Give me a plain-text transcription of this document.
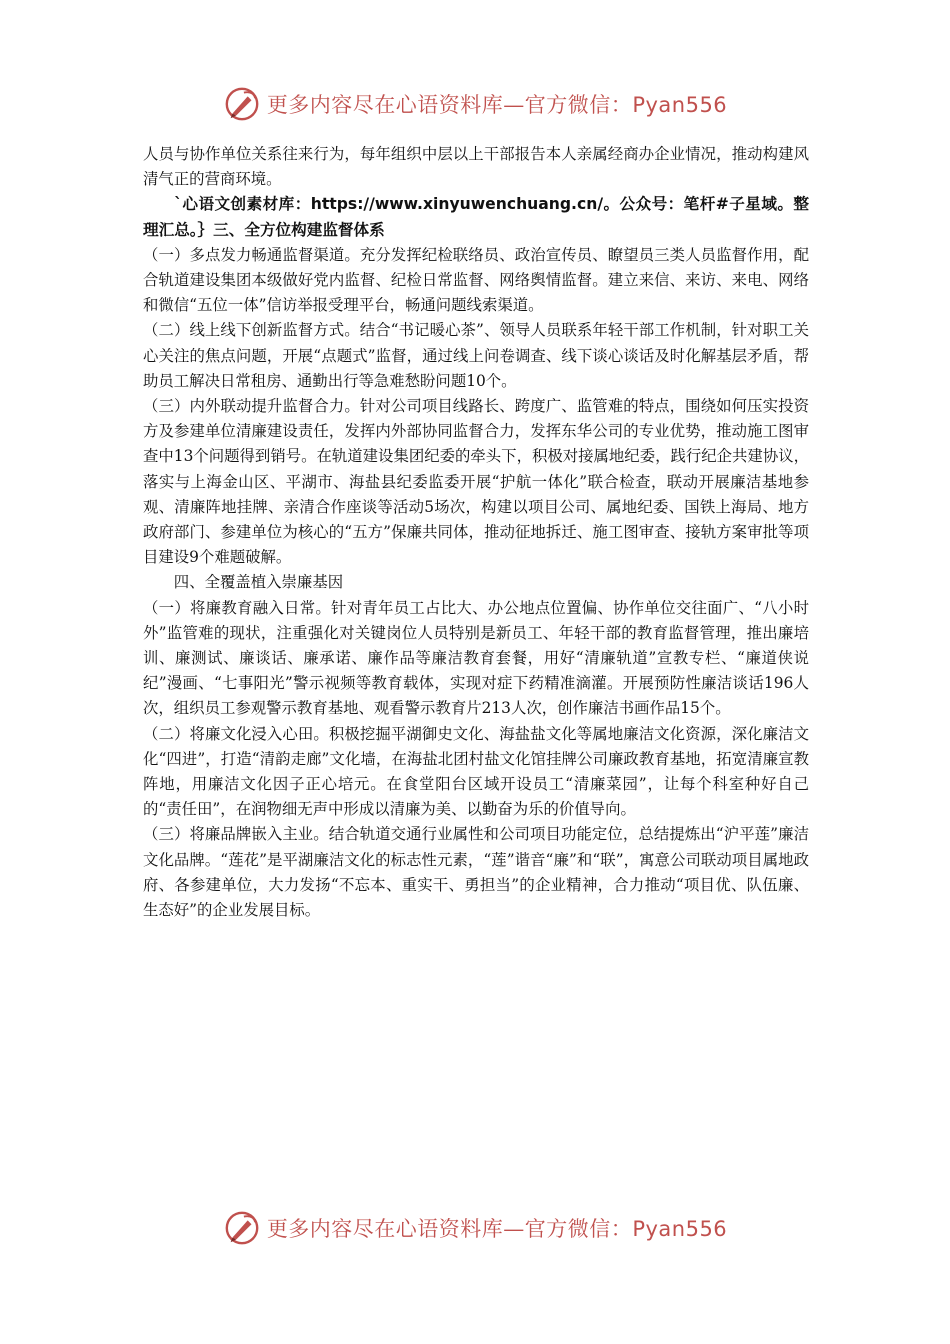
更多内容尽在心语资料库—官方微信：Pyan556

人员与协作单位关系往来行为，每年组织中层以上干部报告本人亲属经商办企业情况，推动构建风清气正的营商环境。

`心语文创素材库：https://www.xinyuwenchuang.cn/。公众号：笔杆#子星域。整理汇总。｝三、全方位构建监督体系

（一）多点发力畅通监督渠道。充分发挥纪检联络员、政治宣传员、瞭望员三类人员监督作用，配合轨道建设集团本级做好党内监督、纪检日常监督、网络舆情监督。建立来信、来访、来电、网络和微信“五位一体”信访举报受理平台，畅通问题线索渠道。

（二）线上线下创新监督方式。结合“书记暖心茶”、领导人员联系年轻干部工作机制，针对职工关心关注的焦点问题，开展“点题式”监督，通过线上问卷调查、线下谈心谈话及时化解基层矛盾，帮助员工解决日常租房、通勤出行等急难愁盼问题10个。

（三）内外联动提升监督合力。针对公司项目线路长、跨度广、监管难的特点，围绕如何压实投资方及参建单位清廉建设责任，发挥内外部协同监督合力，发挥东华公司的专业优势，推动施工图审查中13个问题得到销号。在轨道建设集团纪委的牵头下，积极对接属地纪委，践行纪企共建协议，落实与上海金山区、平湖市、海盐县纪委监委开展“护航一体化”联合检查，联动开展廉洁基地参观、清廉阵地挂牌、亲清合作座谈等活动5场次，构建以项目公司、属地纪委、国铁上海局、地方政府部门、参建单位为核心的“五方”保廉共同体，推动征地拆迁、施工图审查、接轨方案审批等项目建设9个难题破解。

四、全覆盖植入崇廉基因

（一）将廉教育融入日常。针对青年员工占比大、办公地点位置偏、协作单位交往面广、“八小时外”监管难的现状，注重强化对关键岗位人员特别是新员工、年轻干部的教育监督管理，推出廉培训、廉测试、廉谈话、廉承诺、廉作品等廉洁教育套餐，用好“清廉轨道”宣教专栏、“廉道侠说纪”漫画、“七事阳光”警示视频等教育载体，实现对症下药精准滴灌。开展预防性廉洁谈话196人次，组织员工参观警示教育基地、观看警示教育片213人次，创作廉洁书画作品15个。

（二）将廉文化浸入心田。积极挖掘平湖御史文化、海盐盐文化等属地廉洁文化资源，深化廉洁文化“四进”，打造“清韵走廊”文化墙，在海盐北团村盐文化馆挂牌公司廉政教育基地，拓宽清廉宣教阵地，用廉洁文化因子正心培元。在食堂阳台区域开设员工“清廉菜园”，让每个科室种好自己的“责任田”，在润物细无声中形成以清廉为美、以勤奋为乐的价值导向。

（三）将廉品牌嵌入主业。结合轨道交通行业属性和公司项目功能定位，总结提炼出“沪平莲”廉洁文化品牌。“莲花”是平湖廉洁文化的标志性元素，“莲”谐音“廉”和“联”，寓意公司联动项目属地政府、各参建单位，大力发扬“不忘本、重实干、勇担当”的企业精神，合力推动“项目优、队伍廉、生态好”的企业发展目标。

更多内容尽在心语资料库—官方微信：Pyan556
